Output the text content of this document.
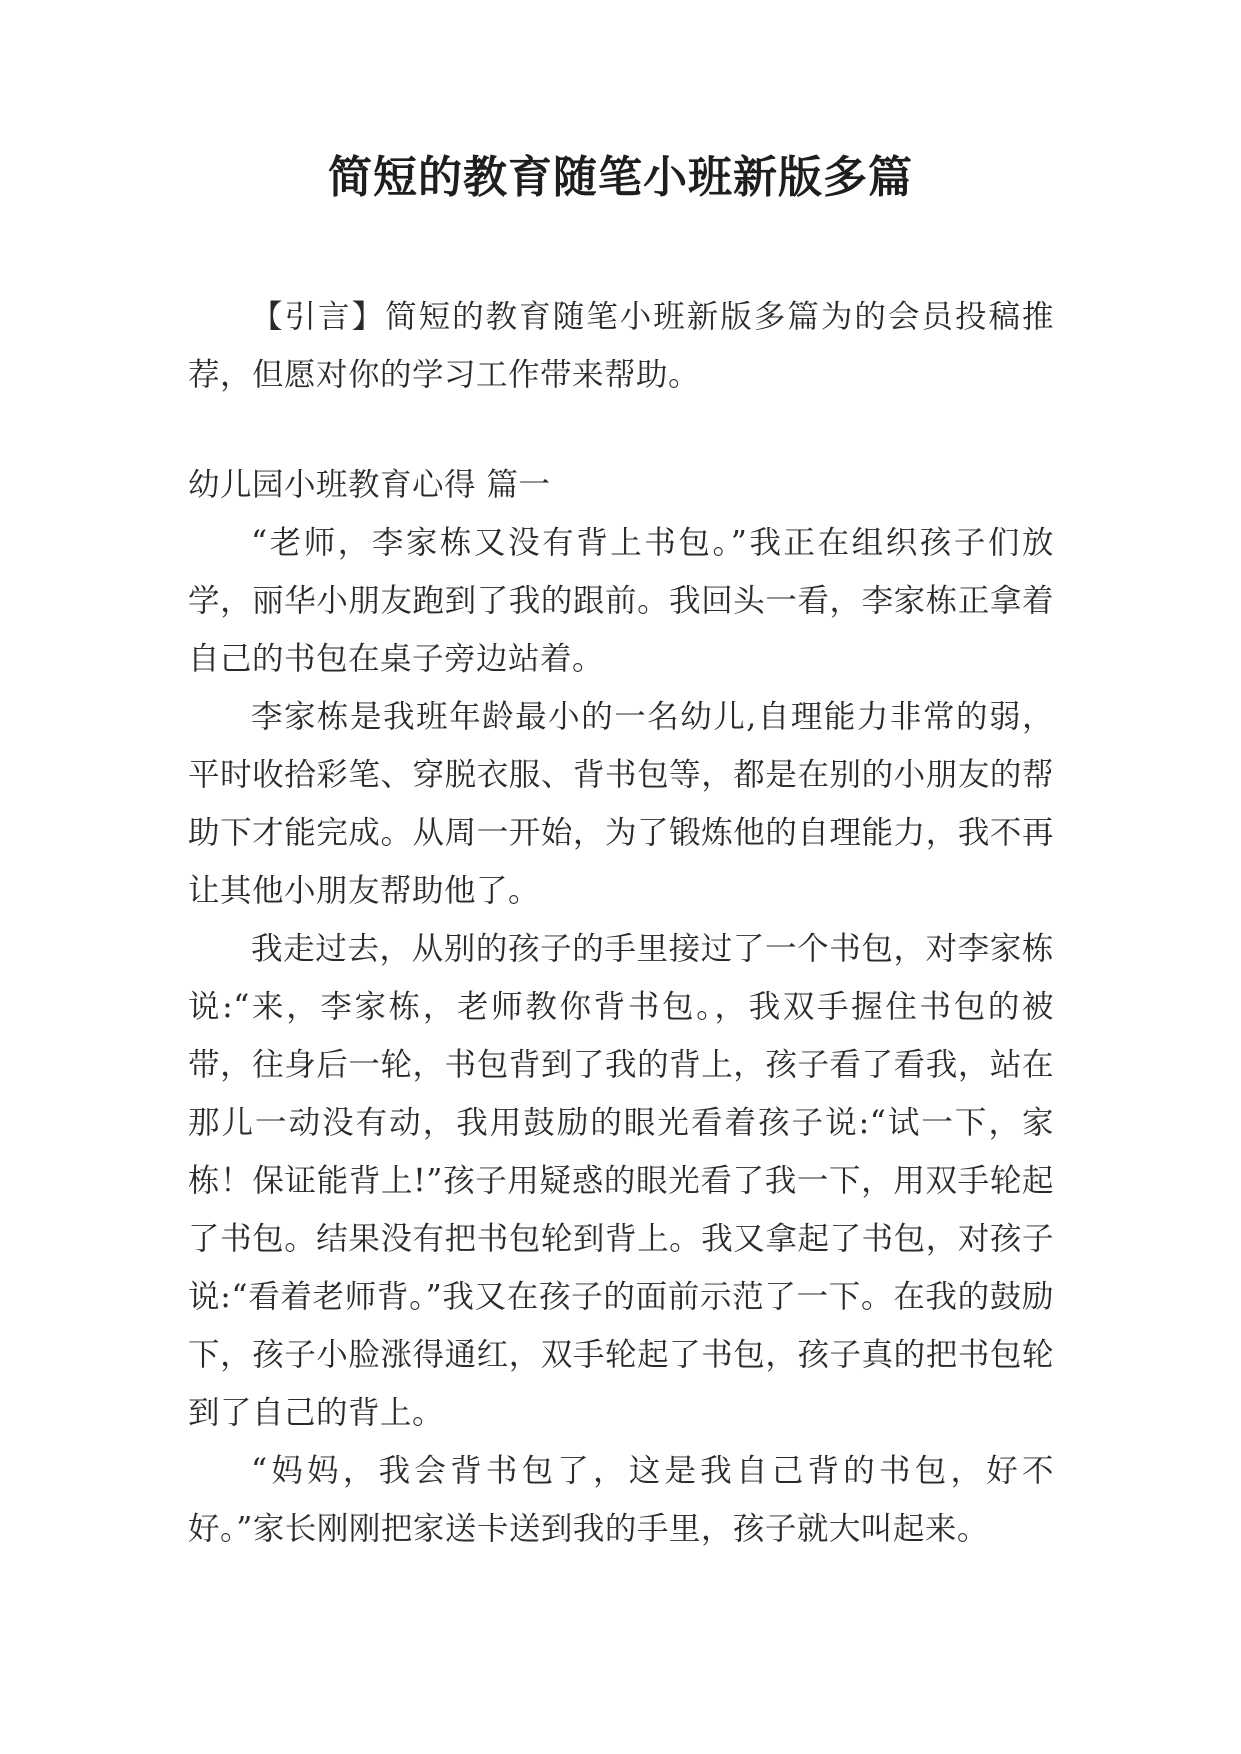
简短的教育随笔小班新版多篇

【引言】简短的教育随笔小班新版多篇为的会员投稿推荐，但愿对你的学习工作带来帮助。

幼儿园小班教育心得 篇一

“老师，李家栋又没有背上书包。”我正在组织孩子们放学，丽华小朋友跑到了我的跟前。我回头一看，李家栋正拿着自己的书包在桌子旁边站着。

李家栋是我班年龄最小的一名幼儿,自理能力非常的弱，平时收拾彩笔、穿脱衣服、背书包等，都是在别的小朋友的帮助下才能完成。从周一开始，为了锻炼他的自理能力，我不再让其他小朋友帮助他了。

我走过去，从别的孩子的手里接过了一个书包，对李家栋说:“来，李家栋，老师教你背书包。，我双手握住书包的被带，往身后一轮，书包背到了我的背上，孩子看了看我，站在那儿一动没有动，我用鼓励的眼光看着孩子说:“试一下，家栋！保证能背上!”孩子用疑惑的眼光看了我一下，用双手轮起了书包。结果没有把书包轮到背上。我又拿起了书包，对孩子说:“看着老师背。”我又在孩子的面前示范了一下。在我的鼓励下，孩子小脸涨得通红，双手轮起了书包，孩子真的把书包轮到了自己的背上。

“妈妈，我会背书包了，这是我自己背的书包，好不好。”家长刚刚把家送卡送到我的手里，孩子就大叫起来。
